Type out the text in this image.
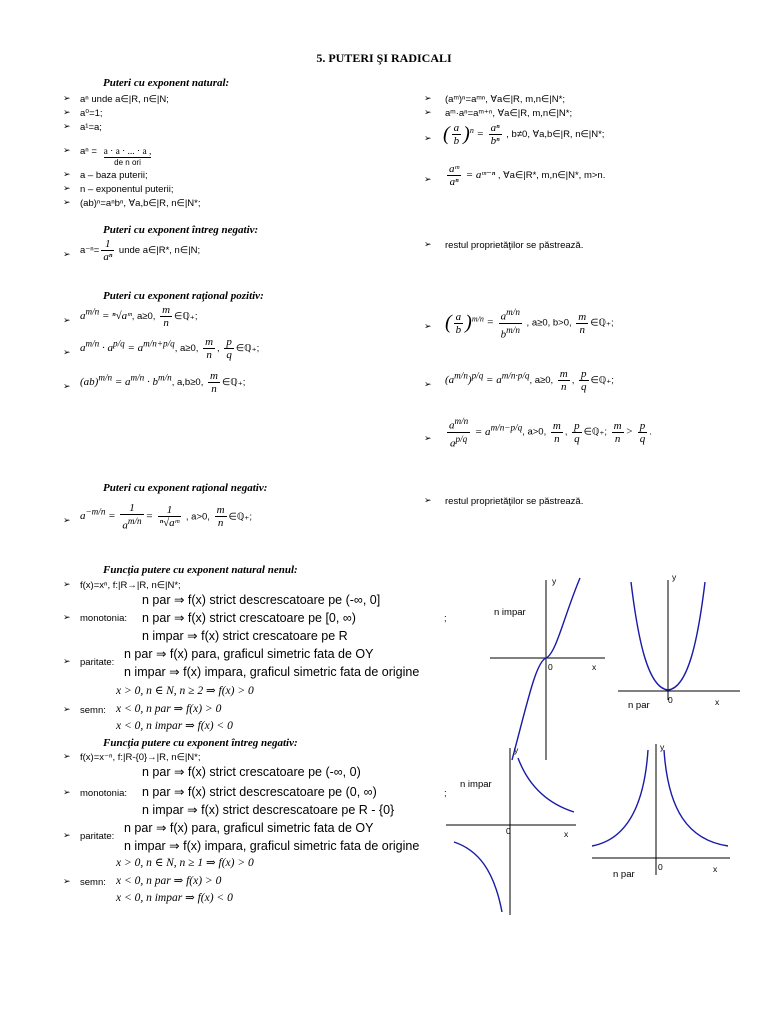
5. PUTERI ŞI RADICALI
Puteri cu exponent natural:
➢ aⁿ unde a∈|R, n∈|N;
➢ a⁰=1;
➢ a¹=a;
➢ aⁿ = a ⋅ a ⋅ ... ⋅ a ,
de n ori
➢ a – baza puterii;
➢ n – exponentul puterii;
➢ (ab)ⁿ=aⁿbⁿ, ∀a,b∈|R, n∈|N*;
➢ (aᵐ)ⁿ=aᵐⁿ, ∀a∈|R, m,n∈|N*;
➢ aᵐ·aⁿ=aᵐ⁺ⁿ, ∀a∈|R, m,n∈|N*;
➢ ( $\frac{a}{b} )^n = \frac{\text{aⁿ}}{\text{bⁿ}}$ , b≠0, ∀a,b∈|R, n∈|N*;
➢ $\frac{\text{aᵐ}}{\text{aⁿ}}$ = aᵐ⁻ⁿ , ∀a∈|R*, m,n∈|N*, m>n.
Puteri cu exponent întreg negativ:
➢ $a^{-n}= \frac{1}{\text{aⁿ}}$ unde a∈|R*, n∈|N;
➢ restul proprietăţilor se păstrează.
Puteri cu exponent raţional pozitiv:
➢ $a^{m/n}$ = ⁿ√aᵐ, a≥0, $\frac{m}{n}$ ∈ℚ₊;
➢ $a^{m/n} \cdot a^{p/q} = a^{m/n+p/q}$, a≥0, $\frac{m}{n}$ , $\frac{p}{q}$ ∈ℚ₊;
➢ $(ab)^{m/n} = a^{m/n} \cdot b^{m/n}$, a,b≥0, $\frac{m}{n}$ ∈ℚ₊;
➢ ( $\frac{a}{b} )^{m/n} = \frac{a^{m/n}}{b^{m/n}}$ , a≥0, b>0, $\frac{m}{n}$ ∈ℚ₊;
➢ $(a^{m/n})^{p/q} = a^{m/n\cdot p/q}$, a≥0, $\frac{m}{n}$ , $\frac{p}{q}$ ∈ℚ₊;
➢ $\frac{a^{m/n}}{a^{p/q}} = a^{m/n-p/q}$, a>0, $\frac{m}{n}$ , $\frac{p}{q}$ ∈ℚ₊; $\frac{m}{n} > \frac{p}{q}$ .
Puteri cu exponent raţional negativ:
➢ $a^{-m/n} = \frac{1}{a^{m/n}} = \frac{1}{\text{ⁿ√aᵐ}}$ , a>0, $\frac{m}{n}$ ∈ℚ₊;
➢ restul proprietăţilor se păstrează.
Funcţia putere cu exponent natural nenul:
➢ f(x)=xⁿ, f:|R→|R, n∈|N*;
n par ⇒ f(x) strict descrescatoare pe (-∞, 0]
➢ monotonia: n par ⇒ f(x) strict crescatoare pe [0, ∞)	;
n impar ⇒ f(x) strict crescatoare pe R
n par ⇒ f(x) para, graficul simetric fata de OY
➢ paritate:
n impar ⇒ f(x) impara, graficul simetric fata de origine
x > 0, n ∈ N, n ≥ 2 ⇒ f(x) > 0
➢ semn: x < 0, n par ⇒ f(x) > 0
x < 0, n impar ⇒ f(x) < 0
Funcţia putere cu exponent întreg negativ:
➢ f(x)=x⁻ⁿ, f:|R-{0}→|R, n∈|N*;
n par ⇒ f(x) strict crescatoare pe (-∞, 0)
➢ monotonia: n par ⇒ f(x) strict descrescatoare pe (0, ∞)	;
n impar ⇒ f(x) strict descrescatoare pe R - {0}
n par ⇒ f(x) para, graficul simetric fata de OY
➢ paritate:
n impar ⇒ f(x) impara, graficul simetric fata de origine
x > 0, n ∈ N, n ≥ 1 ⇒ f(x) > 0
➢ semn: x < 0, n par ⇒ f(x) > 0
x < 0, n impar ⇒ f(x) < 0
y
x
0
n impar
y
x
0
n par
y
x
0
n impar
y
x
0
n par
